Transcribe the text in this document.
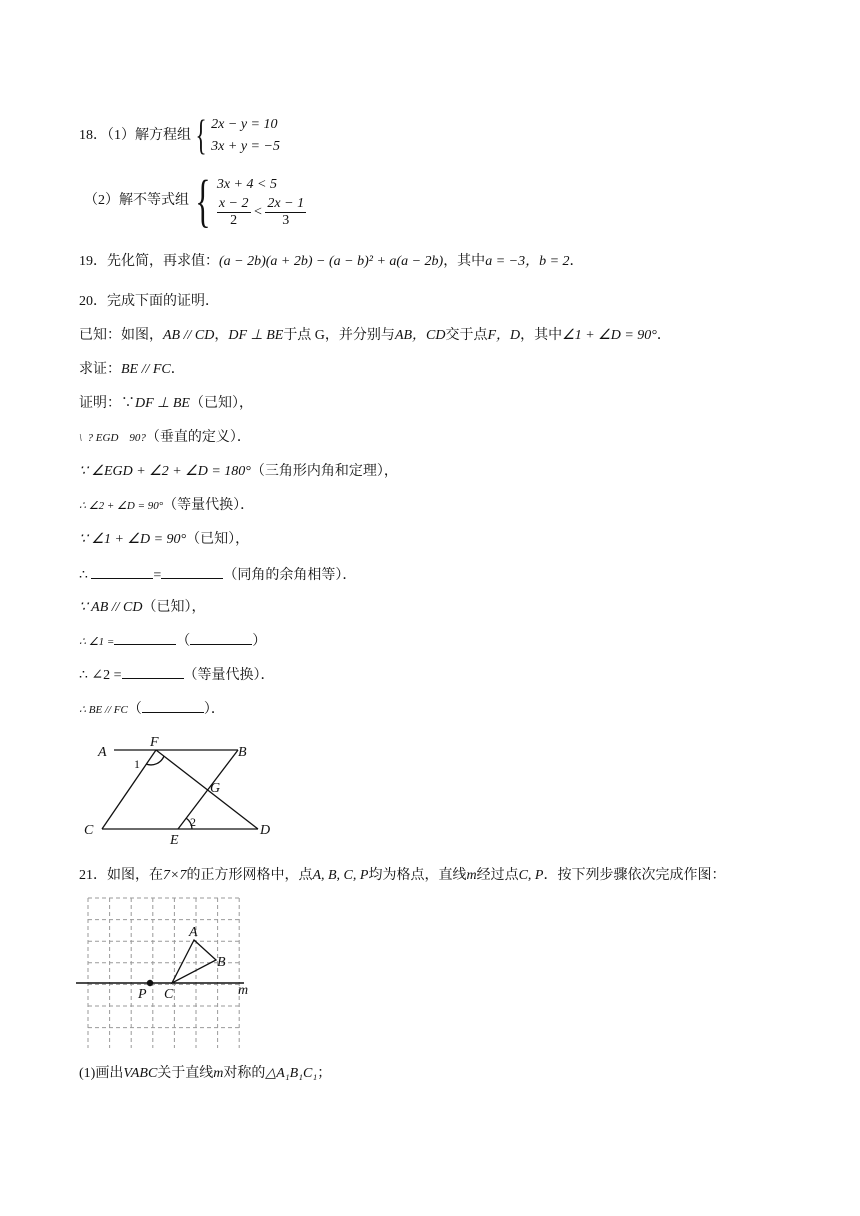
18．（1）解方程组 { 2x − y = 10
3x + y = −5
（2）解不等式组 { 3x + 4 < 5
$\frac{x - 2}{2} < \frac{2x - 1}{3}$
19．先化简，再求值：(a − 2b)(a + 2b) − (a − b)² + a(a − 2b)，其中a = −3，b = 2．
20．完成下面的证明．
已知：如图，AB // CD，DF ⊥ BE于点 G，并分别与AB，CD交于点F，D，其中∠1 + ∠D = 90°．
求证：BE // FC．
证明：∵DF ⊥ BE（已知），
\  ? EGD    90?（垂直的定义）．
∵ ∠EGD + ∠2 + ∠D = 180°（三角形内角和定理），
∴ ∠2 + ∠D = 90°（等量代换）．
∵ ∠1 + ∠D = 90°（已知），
∴	=	（同角的余角相等）．
∵ AB // CD（已知），
∴ ∠1 =	（	）
∴ ∠2 =	（等量代换）．
∴ BE // FC（	）．
A
F
B
1
G
C
E
2
D
21．如图，在7×7的正方形网格中，点A, B, C, P均为格点，直线m经过点C, P．按下列步骤依次完成作图：
A
B
C
P	m
(1)画出VABC关于直线m对称的△A₁B₁C₁；
